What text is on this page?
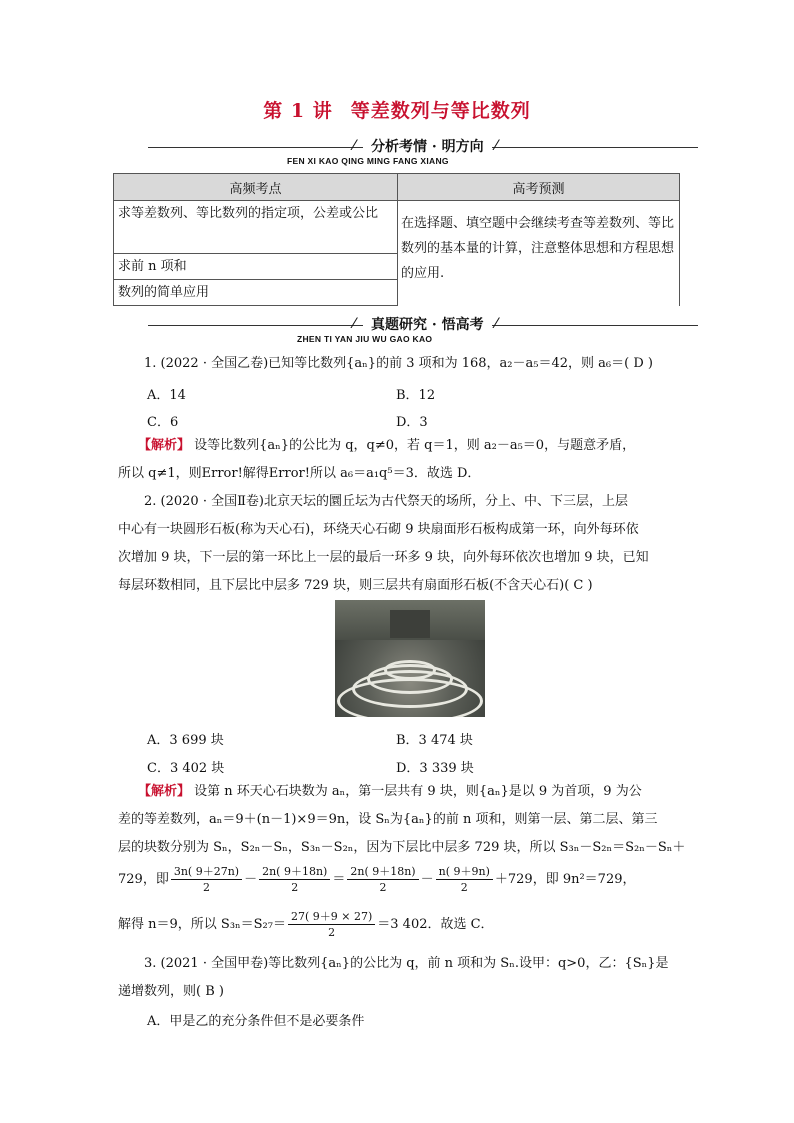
第 1 讲 等差数列与等比数列
⁄	分析考情 · 明方向 ⁄
FEN XI KAO QING MING FANG XIANG
高频考点	高考预测
求等差数列、等比数列的指定项，公差或公比	在选择题、填空题中会继续考查等差数列、等比数列的基本量的计算，注意整体思想和方程思想的应用.
求前 n 项和	
数列的简单应用	
⁄	真题研究 · 悟高考 ⁄
ZHEN TI YAN JIU WU GAO KAO
1. (2022 · 全国乙卷)已知等比数列{aₙ}的前 3 项和为 168，a₂－a₅＝42，则 a₆＝( D )
A．14	B．12
C．6	D．3
【解析】 设等比数列{aₙ}的公比为 q，q≠0，若 q＝1，则 a₂－a₅＝0，与题意矛盾，
所以 q≠1，则Error!解得Error!所以 a₆＝a₁q⁵＝3．故选 D．
2. (2020 · 全国Ⅱ卷)北京天坛的圜丘坛为古代祭天的场所，分上、中、下三层，上层
中心有一块圆形石板(称为天心石)，环绕天心石砌 9 块扇面形石板构成第一环，向外每环依
次增加 9 块，下一层的第一环比上一层的最后一环多 9 块，向外每环依次也增加 9 块，已知
每层环数相同，且下层比中层多 729 块，则三层共有扇面形石板(不含天心石)( C )
A．3 699 块	B．3 474 块
C．3 402 块	D．3 339 块
【解析】 设第 n 环天心石块数为 aₙ，第一层共有 9 块，则{aₙ}是以 9 为首项，9 为公
差的等差数列，aₙ＝9＋(n－1)×9＝9n，设 Sₙ为{aₙ}的前 n 项和，则第一层、第二层、第三
层的块数分别为 Sₙ，S₂ₙ－Sₙ，S₃ₙ－S₂ₙ，因为下层比中层多 729 块，所以 S₃ₙ－S₂ₙ＝S₂ₙ－Sₙ＋
729，即 $\frac{3n( 9+27n)}{2} - \frac{2n( 9+18n)}{2} = \frac{2n( 9+18n)}{2} - \frac{n( 9+9n)}{2} +729$，即 9n²＝729，
解得 n＝9，所以 $S_{3n}=S_{27}= \frac{27( 9+9 \times 27)}{2} =3$ 402．故选 C．
3. (2021 · 全国甲卷)等比数列{aₙ}的公比为 q，前 n 项和为 Sₙ.设甲：q>0，乙：{Sₙ}是
递增数列，则( B )
A．甲是乙的充分条件但不是必要条件
